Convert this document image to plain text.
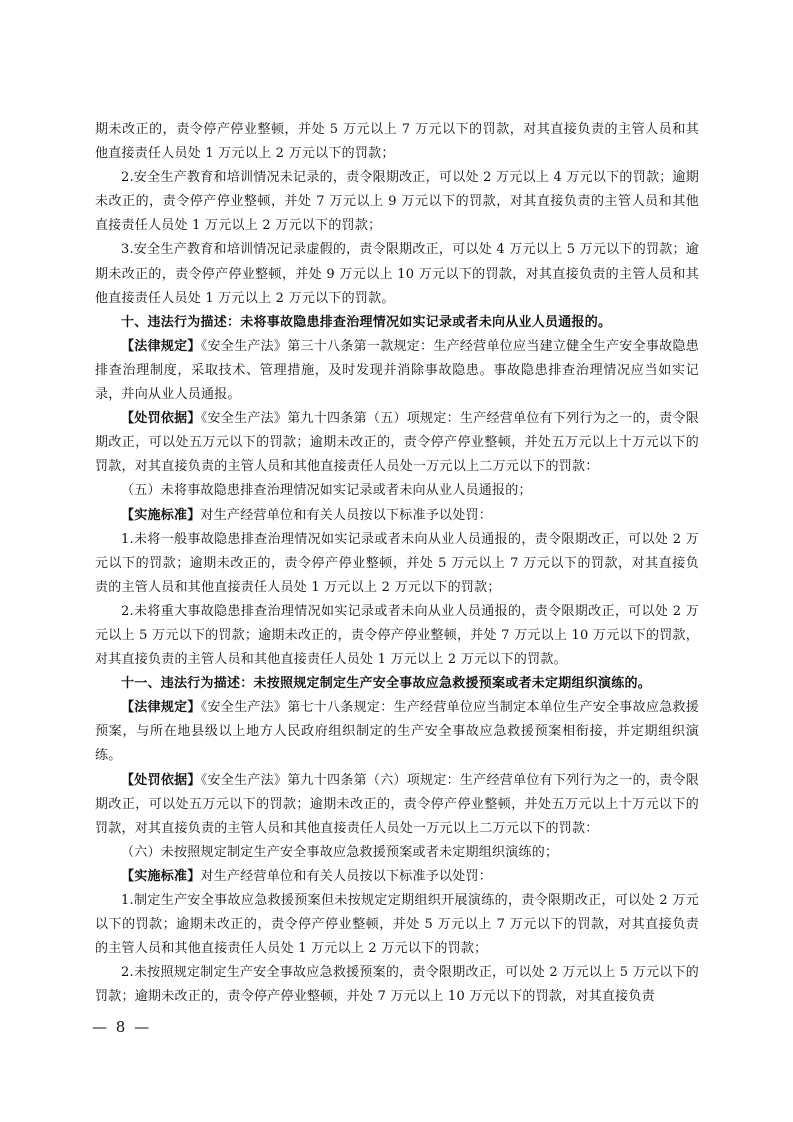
期未改正的，责令停产停业整顿，并处 5 万元以上 7 万元以下的罚款，对其直接负责的主管人员和其他直接责任人员处 1 万元以上 2 万元以下的罚款；

2.安全生产教育和培训情况未记录的，责令限期改正，可以处 2 万元以上 4 万元以下的罚款；逾期未改正的，责令停产停业整顿，并处 7 万元以上 9 万元以下的罚款，对其直接负责的主管人员和其他直接责任人员处 1 万元以上 2 万元以下的罚款；

3.安全生产教育和培训情况记录虚假的，责令限期改正，可以处 4 万元以上 5 万元以下的罚款；逾期未改正的，责令停产停业整顿，并处 9 万元以上 10 万元以下的罚款，对其直接负责的主管人员和其他直接责任人员处 1 万元以上 2 万元以下的罚款。

十、违法行为描述：未将事故隐患排查治理情况如实记录或者未向从业人员通报的。

【法律规定】《安全生产法》第三十八条第一款规定：生产经营单位应当建立健全生产安全事故隐患排查治理制度，采取技术、管理措施，及时发现并消除事故隐患。事故隐患排查治理情况应当如实记录，并向从业人员通报。

【处罚依据】《安全生产法》第九十四条第（五）项规定：生产经营单位有下列行为之一的，责令限期改正，可以处五万元以下的罚款；逾期未改正的，责令停产停业整顿，并处五万元以上十万元以下的罚款，对其直接负责的主管人员和其他直接责任人员处一万元以上二万元以下的罚款：

（五）未将事故隐患排查治理情况如实记录或者未向从业人员通报的；

【实施标准】对生产经营单位和有关人员按以下标准予以处罚：

1.未将一般事故隐患排查治理情况如实记录或者未向从业人员通报的，责令限期改正，可以处 2 万元以下的罚款；逾期未改正的，责令停产停业整顿，并处 5 万元以上 7 万元以下的罚款，对其直接负责的主管人员和其他直接责任人员处 1 万元以上 2 万元以下的罚款；

2.未将重大事故隐患排查治理情况如实记录或者未向从业人员通报的，责令限期改正，可以处 2 万元以上 5 万元以下的罚款；逾期未改正的，责令停产停业整顿，并处 7 万元以上 10 万元以下的罚款，对其直接负责的主管人员和其他直接责任人员处 1 万元以上 2 万元以下的罚款。

十一、违法行为描述：未按照规定制定生产安全事故应急救援预案或者未定期组织演练的。

【法律规定】《安全生产法》第七十八条规定：生产经营单位应当制定本单位生产安全事故应急救援预案，与所在地县级以上地方人民政府组织制定的生产安全事故应急救援预案相衔接，并定期组织演练。

【处罚依据】《安全生产法》第九十四条第（六）项规定：生产经营单位有下列行为之一的，责令限期改正，可以处五万元以下的罚款；逾期未改正的，责令停产停业整顿，并处五万元以上十万元以下的罚款，对其直接负责的主管人员和其他直接责任人员处一万元以上二万元以下的罚款：

（六）未按照规定制定生产安全事故应急救援预案或者未定期组织演练的；

【实施标准】对生产经营单位和有关人员按以下标准予以处罚：

1.制定生产安全事故应急救援预案但未按规定定期组织开展演练的，责令限期改正，可以处 2 万元以下的罚款；逾期未改正的，责令停产停业整顿，并处 5 万元以上 7 万元以下的罚款，对其直接负责的主管人员和其他直接责任人员处 1 万元以上 2 万元以下的罚款；

2.未按照规定制定生产安全事故应急救援预案的，责令限期改正，可以处 2 万元以上 5 万元以下的罚款；逾期未改正的，责令停产停业整顿，并处 7 万元以上 10 万元以下的罚款，对其直接负责

— 8 —
